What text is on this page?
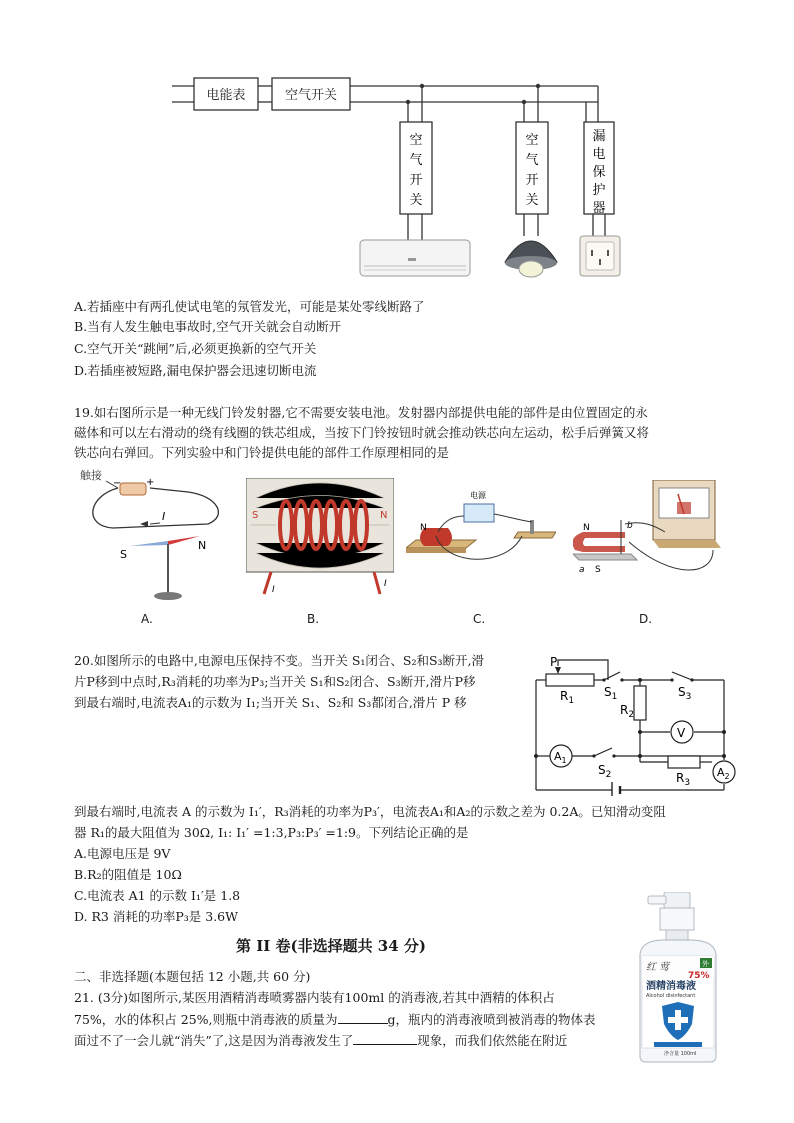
电能表	空气开关
空
气
开
关
空
气
开
关
漏
电
保
护
器
A.若插座中有两孔使试电笔的氖管发光，可能是某处零线断路了
B.当有人发生触电事故时,空气开关就会自动断开
C.空气开关“跳闸”后,必须更换新的空气开关
D.若插座被短路,漏电保护器会迅速切断电流
19.如右图所示是一种无线门铃发射器,它不需要安装电池。发射器内部提供电能的部件是由位置固定的永
磁体和可以左右滑动的绕有线圈的铁芯组成，当按下门铃按钮时就会推动铁芯向左运动，松手后弹簧又将
铁芯向右弹回。下列实验中和门铃提供电能的部件工作原理相同的是
触接
− +
I
S
N
A.
S	N
I
I
B.
N
电源
C.
N
a
b
S
D.
20.如图所示的电路中,电源电压保持不变。当开关 S₁闭合、S₂和S₃断开,滑
片P移到中点时,R₃消耗的功率为P₃;当开关 S₁和S₂闭合、S₃断开,滑片P移
到最右端时,电流表A₁的示数为 I₁;当开关 S₁、S₂和 S₃都闭合,滑片 P 移
P
$R_1$
$S_1$	$S_3$
$R_2$
V
$A_1$
$S_2$	$R_3$
$A_2$
到最右端时,电流表 A 的示数为 I₁′，R₃消耗的功率为P₃′，电流表A₁和A₂的示数之差为 0.2A。已知滑动变阻
器 R₁的最大阻值为 30Ω, I₁: I₁′ =1:3,P₃:P₃′ =1:9。下列结论正确的是
A.电源电压是 9V
B.R₂的阻值是 10Ω
C.电流表 A1 的示数 I₁′是 1.8
D. R3 消耗的功率P₃是 3.6W
第 II 卷(非选择题共 34 分)
二、非选择题(本题包括 12 小题,共 60 分)
21. (3分)如图所示,某医用酒精消毒喷雾器内装有100ml 的消毒液,若其中酒精的体积占
75%，水的体积占 25%,则瓶中消毒液的质量为	g，瓶内的消毒液喷到被消毒的物体表
面过不了一会儿就“消失”了,这是因为消毒液发生了	现象，而我们依然能在附近
红 莺	外
75%
酒精消毒液
Alcohol disinfectant
净含量 100ml
